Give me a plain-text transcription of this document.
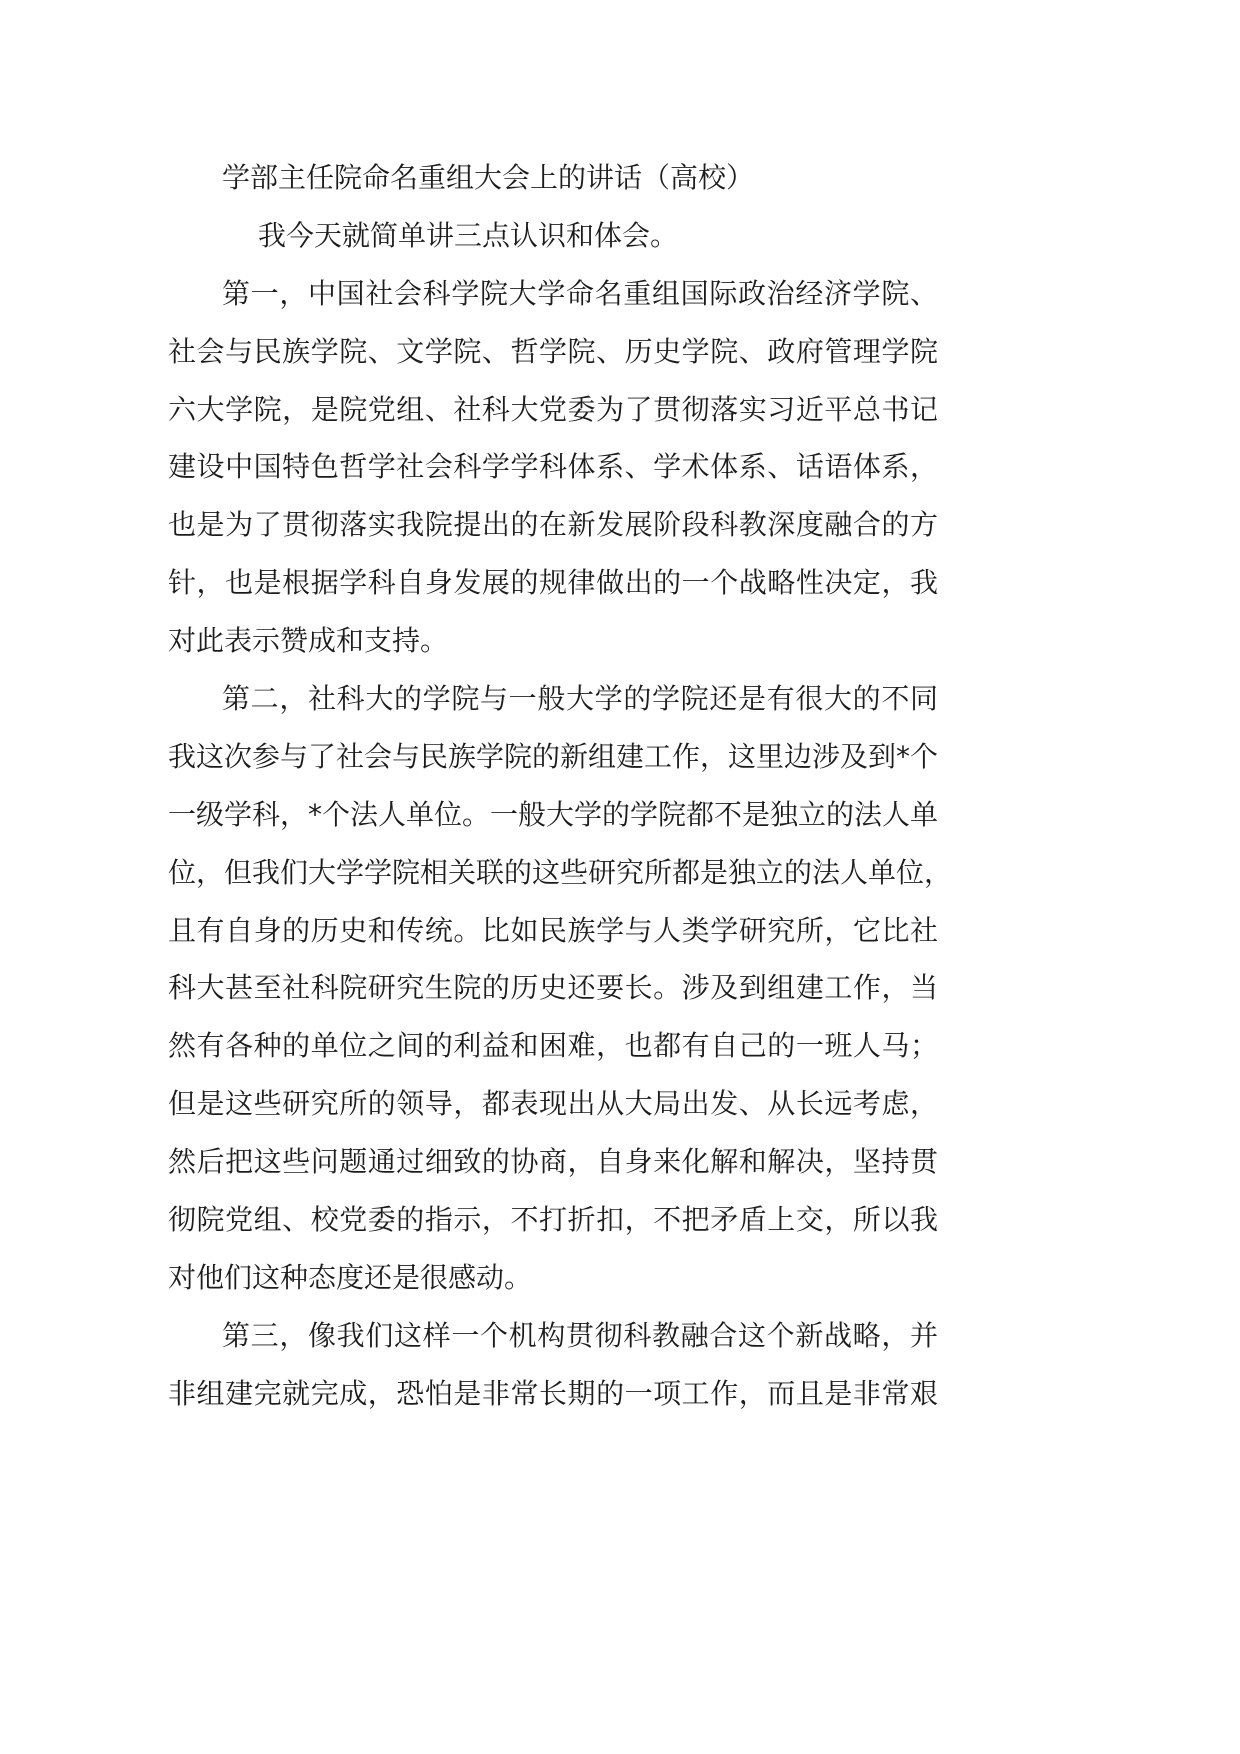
学部主任院命名重组大会上的讲话（高校）
我今天就简单讲三点认识和体会。
第一，中国社会科学院大学命名重组国际政治经济学院、
社会与民族学院、文学院、哲学院、历史学院、政府管理学院
六大学院，是院党组、社科大党委为了贯彻落实习近平总书记
建设中国特色哲学社会科学学科体系、学术体系、话语体系，
也是为了贯彻落实我院提出的在新发展阶段科教深度融合的方
针，也是根据学科自身发展的规律做出的一个战略性决定，我
对此表示赞成和支持。
第二，社科大的学院与一般大学的学院还是有很大的不同
我这次参与了社会与民族学院的新组建工作，这里边涉及到*个
一级学科，*个法人单位。一般大学的学院都不是独立的法人单
位，但我们大学学院相关联的这些研究所都是独立的法人单位，
且有自身的历史和传统。比如民族学与人类学研究所，它比社
科大甚至社科院研究生院的历史还要长。涉及到组建工作，当
然有各种的单位之间的利益和困难，也都有自己的一班人马；
但是这些研究所的领导，都表现出从大局出发、从长远考虑，
然后把这些问题通过细致的协商，自身来化解和解决，坚持贯
彻院党组、校党委的指示，不打折扣，不把矛盾上交，所以我
对他们这种态度还是很感动。
第三，像我们这样一个机构贯彻科教融合这个新战略，并
非组建完就完成，恐怕是非常长期的一项工作，而且是非常艰
